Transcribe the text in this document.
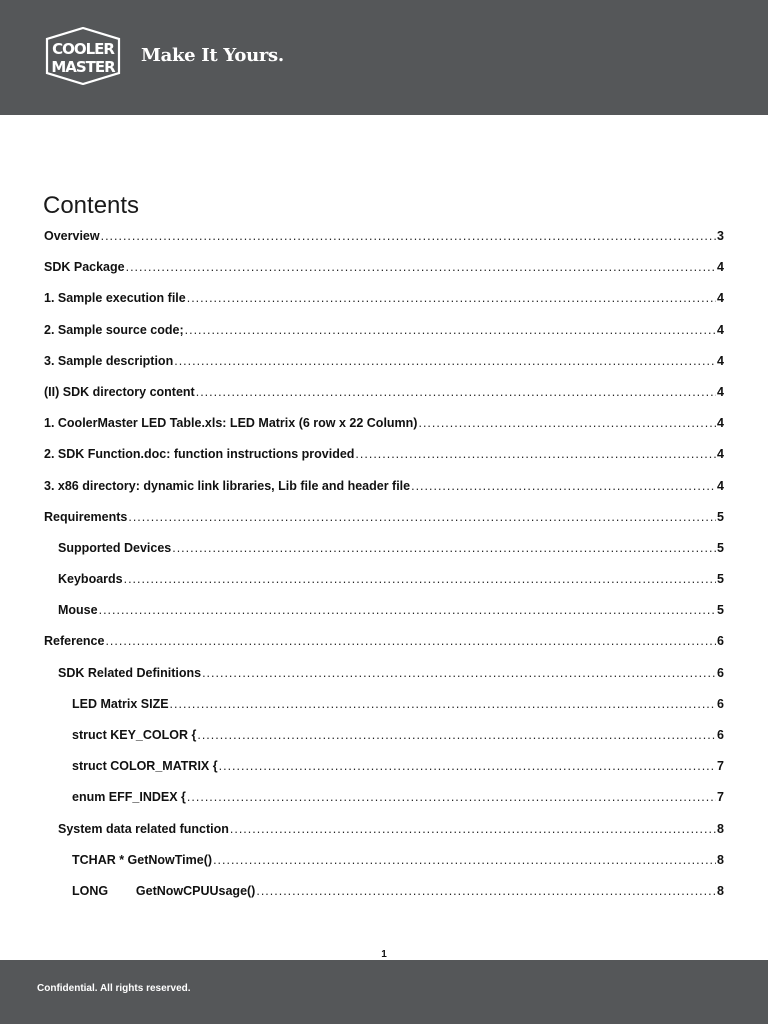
COOLER
MASTER
Make It Yours.
Contents
Overview .....	3
SDK Package .....	4
1. Sample execution file .....	4
2. Sample source code; .....	4
3. Sample description .....	4
(II) SDK directory content .....	4
1. CoolerMaster LED Table.xls: LED Matrix (6 row x 22 Column) .....	4
2. SDK Function.doc: function instructions provided .....	4
3. x86 directory: dynamic link libraries, Lib file and header file .....	4
Requirements .....	5
Supported Devices .....	5
Keyboards .....	5
Mouse .....	5
Reference .....	6
SDK Related Definitions .....	6
LED Matrix SIZE .....	6
struct KEY_COLOR { .....	6
struct COLOR_MATRIX { .....	7
enum EFF_INDEX { .....	7
System data related function .....	8
TCHAR * GetNowTime() .....	8
LONG        GetNowCPUUsage() .....	8
1
Confidential. All rights reserved.
